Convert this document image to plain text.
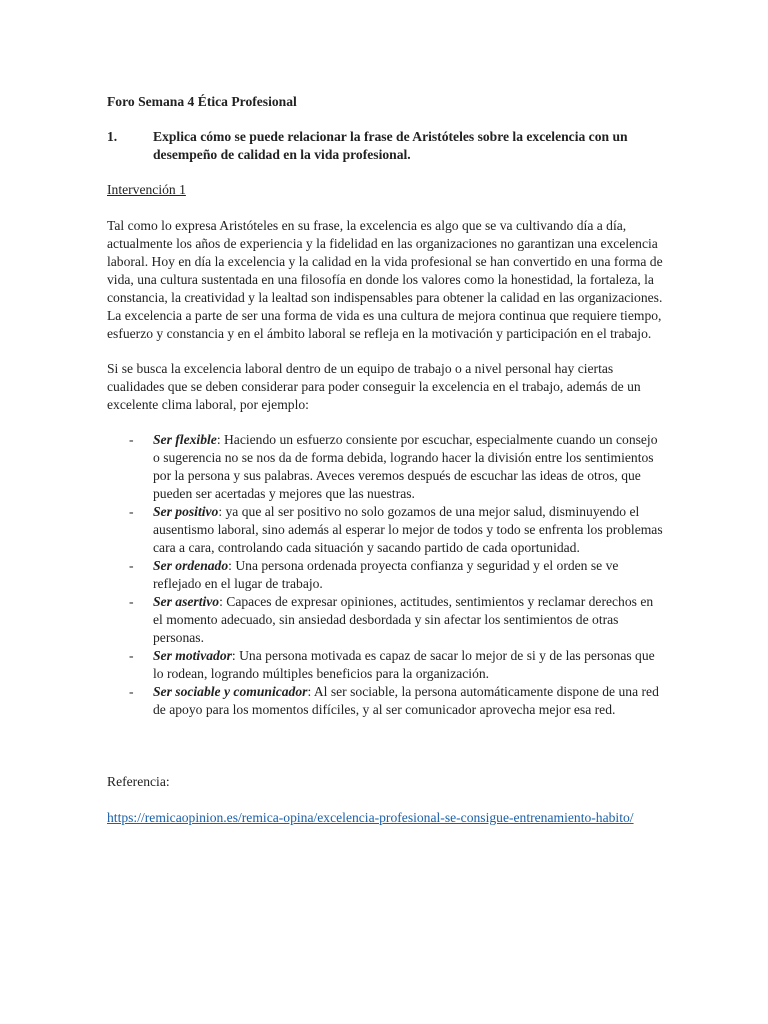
Foro Semana 4 Ética Profesional

1.	Explica cómo se puede relacionar la frase de Aristóteles sobre la excelencia con un desempeño de calidad en la vida profesional.

Intervención 1

Tal como lo expresa Aristóteles en su frase, la excelencia es algo que se va cultivando día a día, actualmente los años de experiencia y la fidelidad en las organizaciones no garantizan una excelencia laboral. Hoy en día la excelencia y la calidad en la vida profesional se han convertido en una forma de vida, una cultura sustentada en una filosofía en donde los valores como la honestidad, la fortaleza, la constancia, la creatividad y la lealtad son indispensables para obtener la calidad en las organizaciones. La excelencia a parte de ser una forma de vida es una cultura de mejora continua que requiere tiempo, esfuerzo y constancia y en el ámbito laboral se refleja en la motivación y participación en el trabajo.

Si se busca la excelencia laboral dentro de un equipo de trabajo o a nivel personal hay ciertas cualidades que se deben considerar para poder conseguir la excelencia en el trabajo, además de un excelente clima laboral, por ejemplo:

-	Ser flexible: Haciendo un esfuerzo consiente por escuchar, especialmente cuando un consejo o sugerencia no se nos da de forma debida, logrando hacer la división entre los sentimientos por la persona y sus palabras. Aveces veremos después de escuchar las ideas de otros, que pueden ser acertadas y mejores que las nuestras.
-	Ser positivo: ya que al ser positivo no solo gozamos de una mejor salud, disminuyendo el ausentismo laboral, sino además al esperar lo mejor de todos y todo se enfrenta los problemas cara a cara, controlando cada situación y sacando partido de cada oportunidad.
-	Ser ordenado: Una persona ordenada proyecta confianza y seguridad y el orden se ve reflejado en el lugar de trabajo.
-	Ser asertivo: Capaces de expresar opiniones, actitudes, sentimientos y reclamar derechos en el momento adecuado, sin ansiedad desbordada y sin afectar los sentimientos de otras personas.
-	Ser motivador: Una persona motivada es capaz de sacar lo mejor de si y de las personas que lo rodean, logrando múltiples beneficios para la organización.
-	Ser sociable y comunicador: Al ser sociable, la persona automáticamente dispone de una red de apoyo para los momentos difíciles, y al ser comunicador aprovecha mejor esa red.

Referencia:

https://remicaopinion.es/remica-opina/excelencia-profesional-se-consigue-entrenamiento-habito/
